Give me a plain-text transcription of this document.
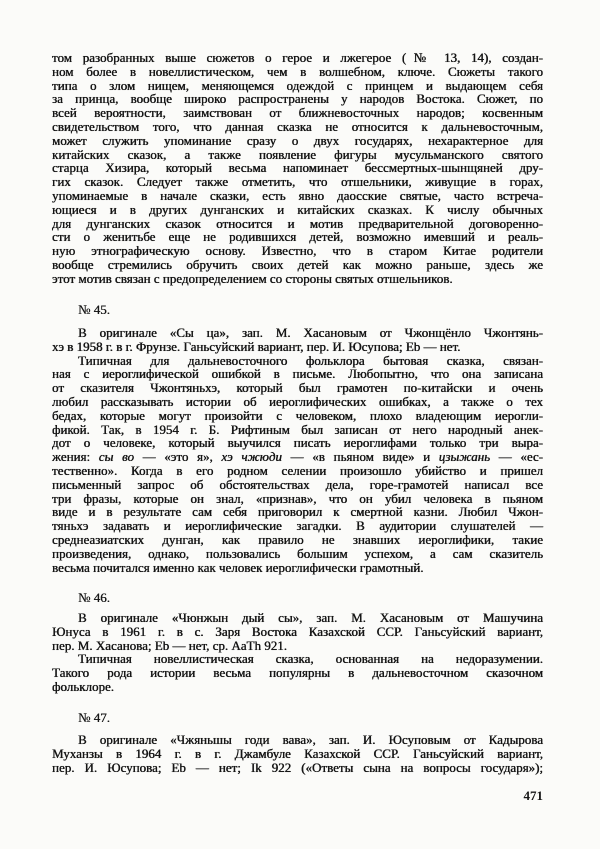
том разобранных выше сюжетов о герое и лжегерое (№ 13, 14), создан-
ном более в новеллистическом, чем в волшебном, ключе. Сюжеты такого
типа о злом нищем, меняющемся одеждой с принцем и выдающем себя
за принца, вообще широко распространены у народов Востока. Сюжет, по
всей вероятности, заимствован от ближневосточных народов; косвенным
свидетельством того, что данная сказка не относится к дальневосточным,
может служить упоминание сразу о двух государях, нехарактерное для
китайских сказок, а также появление фигуры мусульманского святого
старца Хизира, который весьма напоминает бессмертных-шынщяней дру-
гих сказок. Следует также отметить, что отшельники, живущие в горах,
упоминаемые в начале сказки, есть явно даосские святые, часто встреча-
ющиеся и в других дунганских и китайских сказках. К числу обычных
для дунганских сказок относится и мотив предварительной договоренно-
сти о женитьбе еще не родившихся детей, возможно имевший и реаль-
ную этнографическую основу. Известно, что в старом Китае родители
вообще стремились обручить своих детей как можно раньше, здесь же
этот мотив связан с предопределением со стороны святых отшельников.
№ 45.
В оригинале «Сы ца», зап. М. Хасановым от Чжонщёнло Чжонтянь-
хэ в 1958 г. в г. Фрунзе. Ганьсуйский вариант, пер. И. Юсупова; Eb — нет.
Типичная для дальневосточного фольклора бытовая сказка, связан-
ная с иероглифической ошибкой в письме. Любопытно, что она записана
от сказителя Чжонтяньхэ, который был грамотен по-китайски и очень
любил рассказывать истории об иероглифических ошибках, а также о тех
бедах, которые могут произойти с человеком, плохо владеющим иерогли-
фикой. Так, в 1954 г. Б. Рифтиным был записан от него народный анек-
дот о человеке, который выучился писать иероглифами только три выра-
жения: сы во — «это я», хэ чжюди — «в пьяном виде» и цзыжань — «ес-
тественно». Когда в его родном селении произошло убийство и пришел
письменный запрос об обстоятельствах дела, горе-грамотей написал все
три фразы, которые он знал, «признав», что он убил человека в пьяном
виде и в результате сам себя приговорил к смертной казни. Любил Чжон-
тяньхэ задавать и иероглифические загадки. В аудитории слушателей —
среднеазиатских дунган, как правило не знавших иероглифики, такие
произведения, однако, пользовались большим успехом, а сам сказитель
весьма почитался именно как человек иероглифически грамотный.
№ 46.
В оригинале «Чюнжын дый сы», зап. М. Хасановым от Машучина
Юнуса в 1961 г. в с. Заря Востока Казахской ССР. Ганьсуйский вариант,
пер. М. Хасанова; Eb — нет, ср. AaTh 921.
Типичная новеллистическая сказка, основанная на недоразумении.
Такого рода истории весьма популярны в дальневосточном сказочном
фольклоре.
№ 47.
В оригинале «Чжяньшы годи вава», зап. И. Юсуповым от Кадырова
Муханзы в 1964 г. в г. Джамбуле Казахской ССР. Ганьсуйский вариант,
пер. И. Юсупова; Eb — нет; Ik 922 («Ответы сына на вопросы государя»);
471
